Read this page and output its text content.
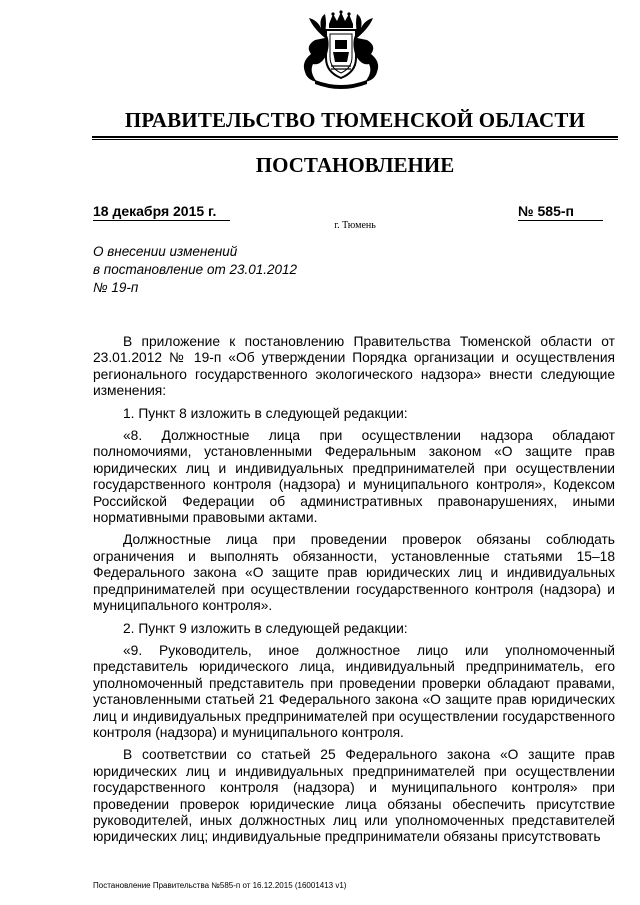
ПРАВИТЕЛЬСТВО ТЮМЕНСКОЙ ОБЛАСТИ
ПОСТАНОВЛЕНИЕ
18 декабря 2015 г.	№ 585-п
г. Тюмень
О внесении изменений
в постановление от 23.01.2012
№ 19-п

В приложение к постановлению Правительства Тюменской области от 23.01.2012 № 19-п «Об утверждении Порядка организации и осуществления регионального государственного экологического надзора» внести следующие изменения:

1. Пункт 8 изложить в следующей редакции:

«8. Должностные лица при осуществлении надзора обладают полномочиями, установленными Федеральным законом «О защите прав юридических лиц и индивидуальных предпринимателей при осуществлении государственного контроля (надзора) и муниципального контроля», Кодексом Российской Федерации об административных правонарушениях, иными нормативными правовыми актами.

Должностные лица при проведении проверок обязаны соблюдать ограничения и выполнять обязанности, установленные статьями 15–18 Федерального закона «О защите прав юридических лиц и индивидуальных предпринимателей при осуществлении государственного контроля (надзора) и муниципального контроля».

2. Пункт 9 изложить в следующей редакции:

«9. Руководитель, иное должностное лицо или уполномоченный представитель юридического лица, индивидуальный предприниматель, его уполномоченный представитель при проведении проверки обладают правами, установленными статьей 21 Федерального закона «О защите прав юридических лиц и индивидуальных предпринимателей при осуществлении государственного контроля (надзора) и муниципального контроля.

В соответствии со статьей 25 Федерального закона «О защите прав юридических лиц и индивидуальных предпринимателей при осуществлении государственного контроля (надзора) и муниципального контроля» при проведении проверок юридические лица обязаны обеспечить присутствие руководителей, иных должностных лиц или уполномоченных представителей юридических лиц; индивидуальные предприниматели обязаны присутствовать

Постановление Правительства №585-п от 16.12.2015 (16001413 v1)
